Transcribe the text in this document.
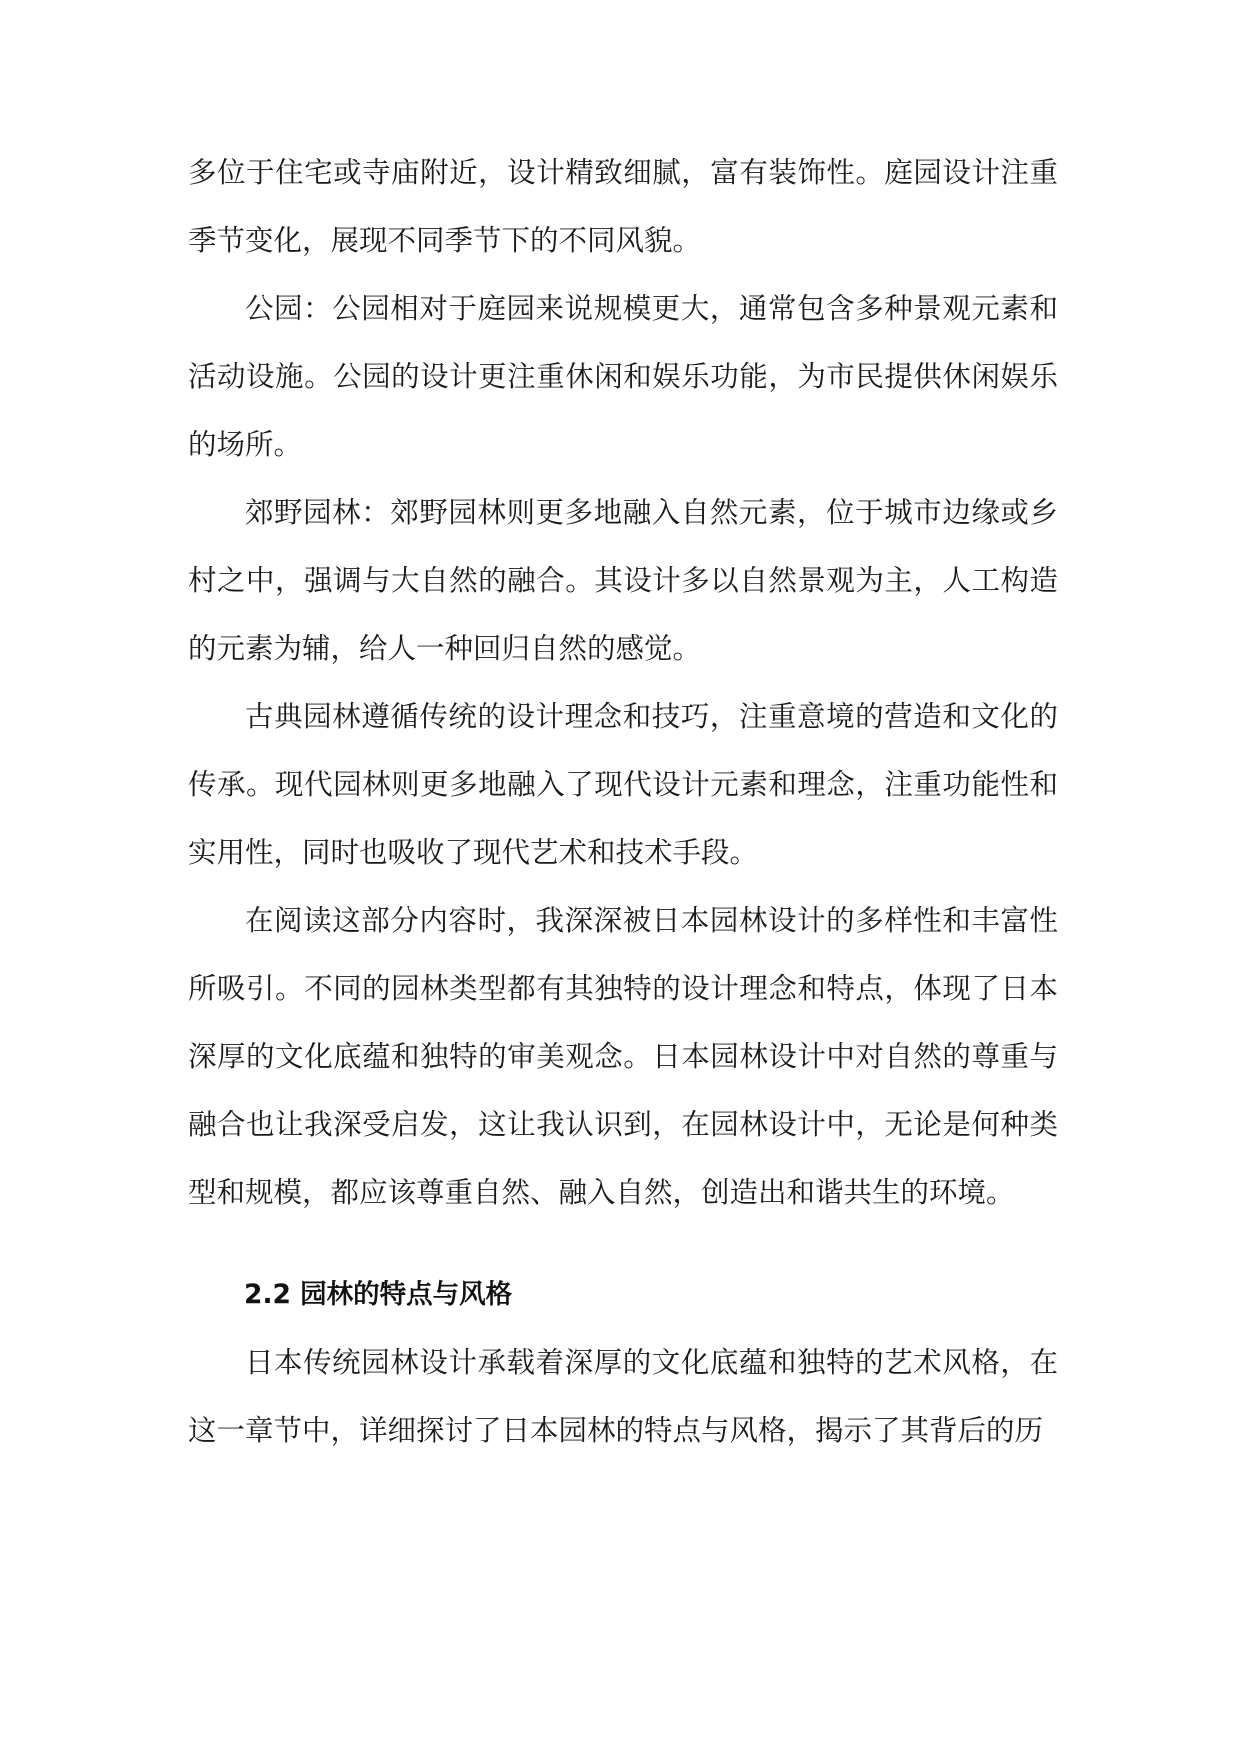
多位于住宅或寺庙附近，设计精致细腻，富有装饰性。庭园设计注重季节变化，展现不同季节下的不同风貌。

公园：公园相对于庭园来说规模更大，通常包含多种景观元素和活动设施。公园的设计更注重休闲和娱乐功能，为市民提供休闲娱乐的场所。

郊野园林：郊野园林则更多地融入自然元素，位于城市边缘或乡村之中，强调与大自然的融合。其设计多以自然景观为主，人工构造的元素为辅，给人一种回归自然的感觉。

古典园林遵循传统的设计理念和技巧，注重意境的营造和文化的传承。现代园林则更多地融入了现代设计元素和理念，注重功能性和实用性，同时也吸收了现代艺术和技术手段。

在阅读这部分内容时，我深深被日本园林设计的多样性和丰富性所吸引。不同的园林类型都有其独特的设计理念和特点，体现了日本深厚的文化底蕴和独特的审美观念。日本园林设计中对自然的尊重与融合也让我深受启发，这让我认识到，在园林设计中，无论是何种类型和规模，都应该尊重自然、融入自然，创造出和谐共生的环境。

2.2 园林的特点与风格

日本传统园林设计承载着深厚的文化底蕴和独特的艺术风格，在这一章节中，详细探讨了日本园林的特点与风格，揭示了其背后的历
